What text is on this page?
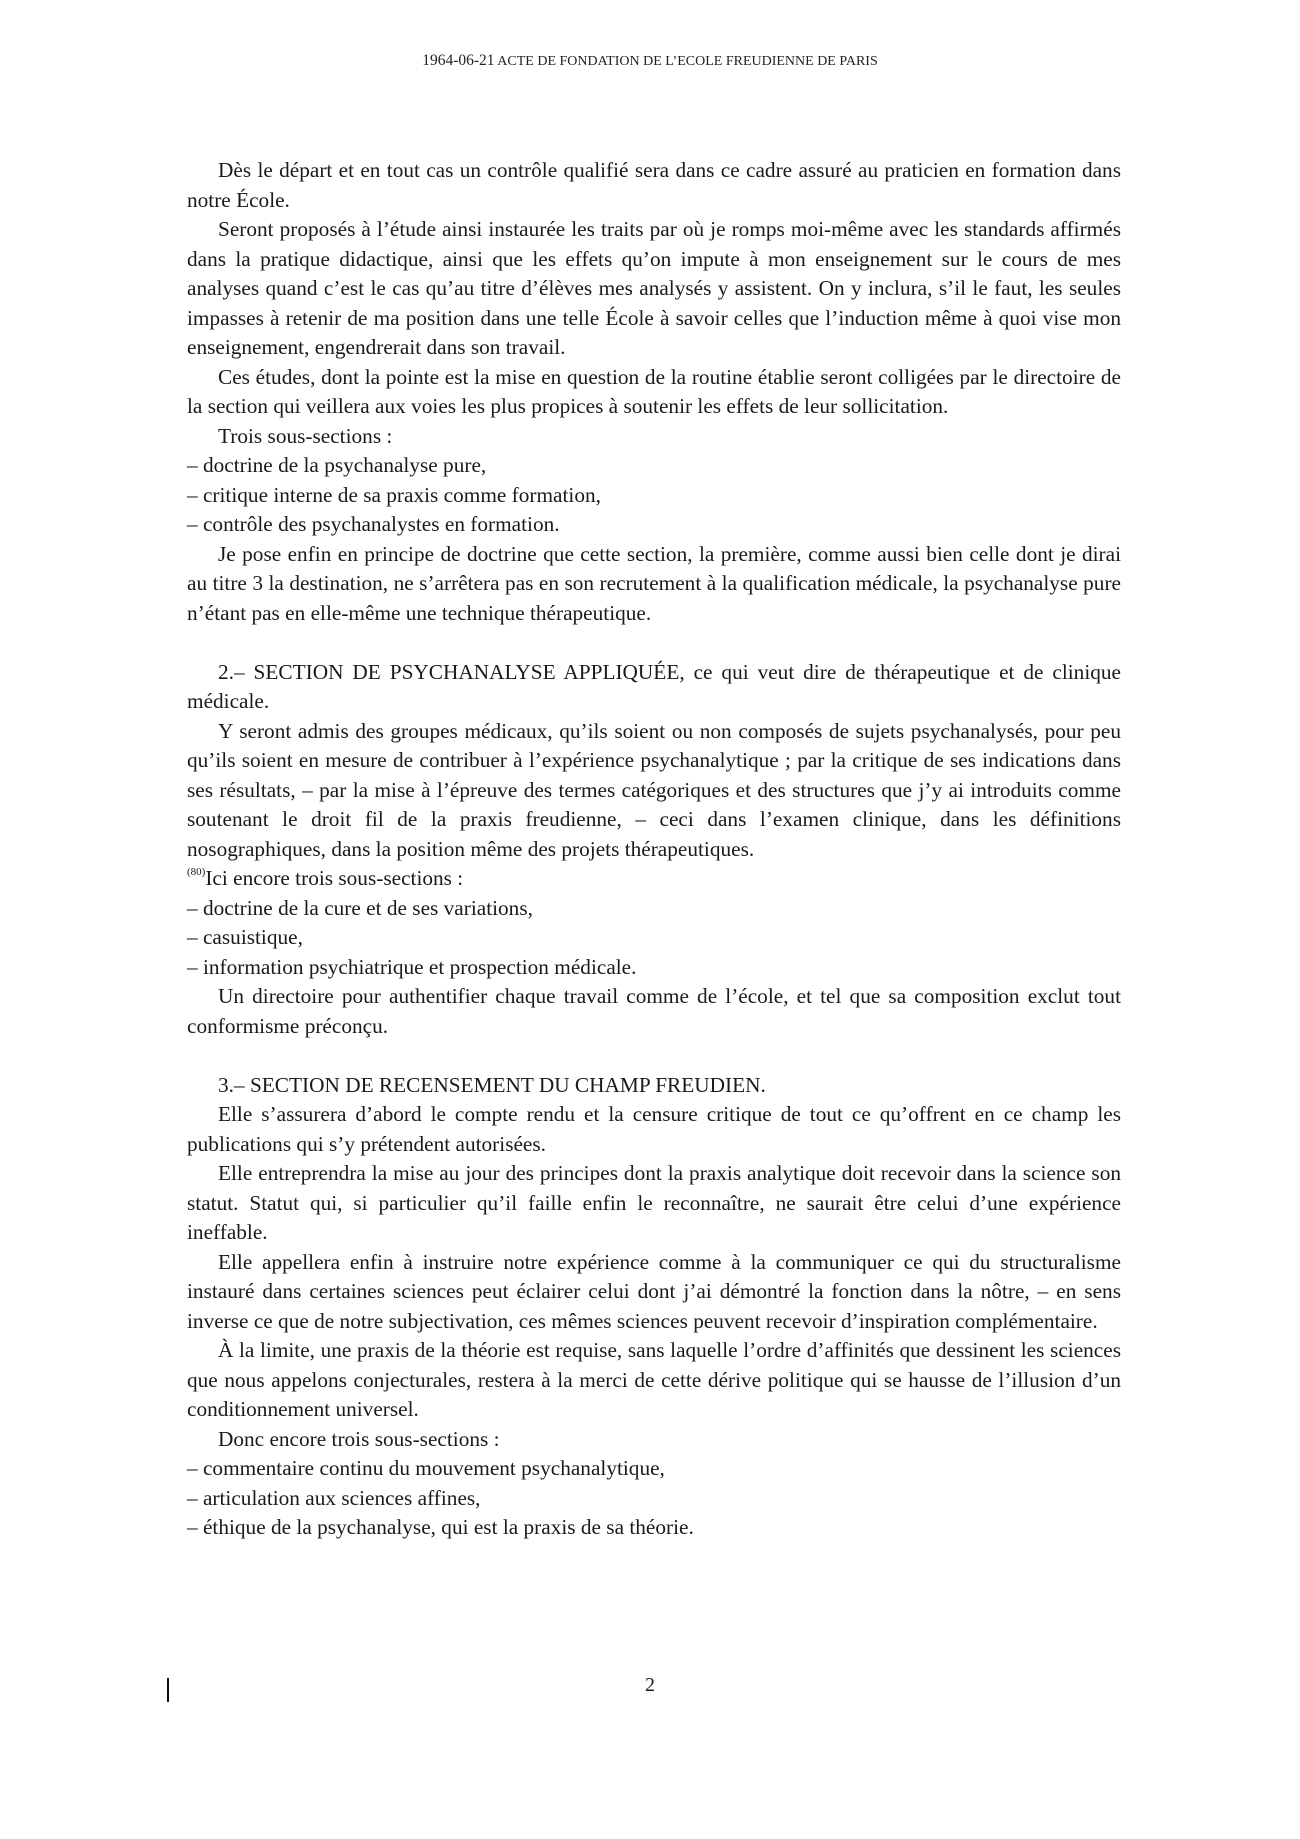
1964-06-21 ACTE DE FONDATION DE L’ECOLE FREUDIENNE DE PARIS

Dès le départ et en tout cas un contrôle qualifié sera dans ce cadre assuré au praticien en formation dans notre École.

Seront proposés à l’étude ainsi instaurée les traits par où je romps moi-même avec les standards affirmés dans la pratique didactique, ainsi que les effets qu’on impute à mon enseignement sur le cours de mes analyses quand c’est le cas qu’au titre d’élèves mes analysés y assistent. On y inclura, s’il le faut, les seules impasses à retenir de ma position dans une telle École à savoir celles que l’induction même à quoi vise mon enseignement, engendrerait dans son travail.

Ces études, dont la pointe est la mise en question de la routine établie seront colligées par le directoire de la section qui veillera aux voies les plus propices à soutenir les effets de leur sollicitation.

Trois sous-sections :

– doctrine de la psychanalyse pure,

– critique interne de sa praxis comme formation,

– contrôle des psychanalystes en formation.

Je pose enfin en principe de doctrine que cette section, la première, comme aussi bien celle dont je dirai au titre 3 la destination, ne s’arrêtera pas en son recrutement à la qualification médicale, la psychanalyse pure n’étant pas en elle-même une technique thérapeutique.

2.– SECTION DE PSYCHANALYSE APPLIQUÉE, ce qui veut dire de thérapeutique et de clinique médicale.

Y seront admis des groupes médicaux, qu’ils soient ou non composés de sujets psychanalysés, pour peu qu’ils soient en mesure de contribuer à l’expérience psychanalytique ; par la critique de ses indications dans ses résultats, – par la mise à l’épreuve des termes catégoriques et des structures que j’y ai introduits comme soutenant le droit fil de la praxis freudienne, – ceci dans l’examen clinique, dans les définitions nosographiques, dans la position même des projets thérapeutiques.

$^{(80)}$Ici encore trois sous-sections :

– doctrine de la cure et de ses variations,

– casuistique,

– information psychiatrique et prospection médicale.

Un directoire pour authentifier chaque travail comme de l’école, et tel que sa composition exclut tout conformisme préconçu.

3.– SECTION DE RECENSEMENT DU CHAMP FREUDIEN.

Elle s’assurera d’abord le compte rendu et la censure critique de tout ce qu’offrent en ce champ les publications qui s’y prétendent autorisées.

Elle entreprendra la mise au jour des principes dont la praxis analytique doit recevoir dans la science son statut. Statut qui, si particulier qu’il faille enfin le reconnaître, ne saurait être celui d’une expérience ineffable.

Elle appellera enfin à instruire notre expérience comme à la communiquer ce qui du structuralisme instauré dans certaines sciences peut éclairer celui dont j’ai démontré la fonction dans la nôtre, – en sens inverse ce que de notre subjectivation, ces mêmes sciences peuvent recevoir d’inspiration complémentaire.

À la limite, une praxis de la théorie est requise, sans laquelle l’ordre d’affinités que dessinent les sciences que nous appelons conjecturales, restera à la merci de cette dérive politique qui se hausse de l’illusion d’un conditionnement universel.

Donc encore trois sous-sections :

– commentaire continu du mouvement psychanalytique,

– articulation aux sciences affines,

– éthique de la psychanalyse, qui est la praxis de sa théorie.

2
